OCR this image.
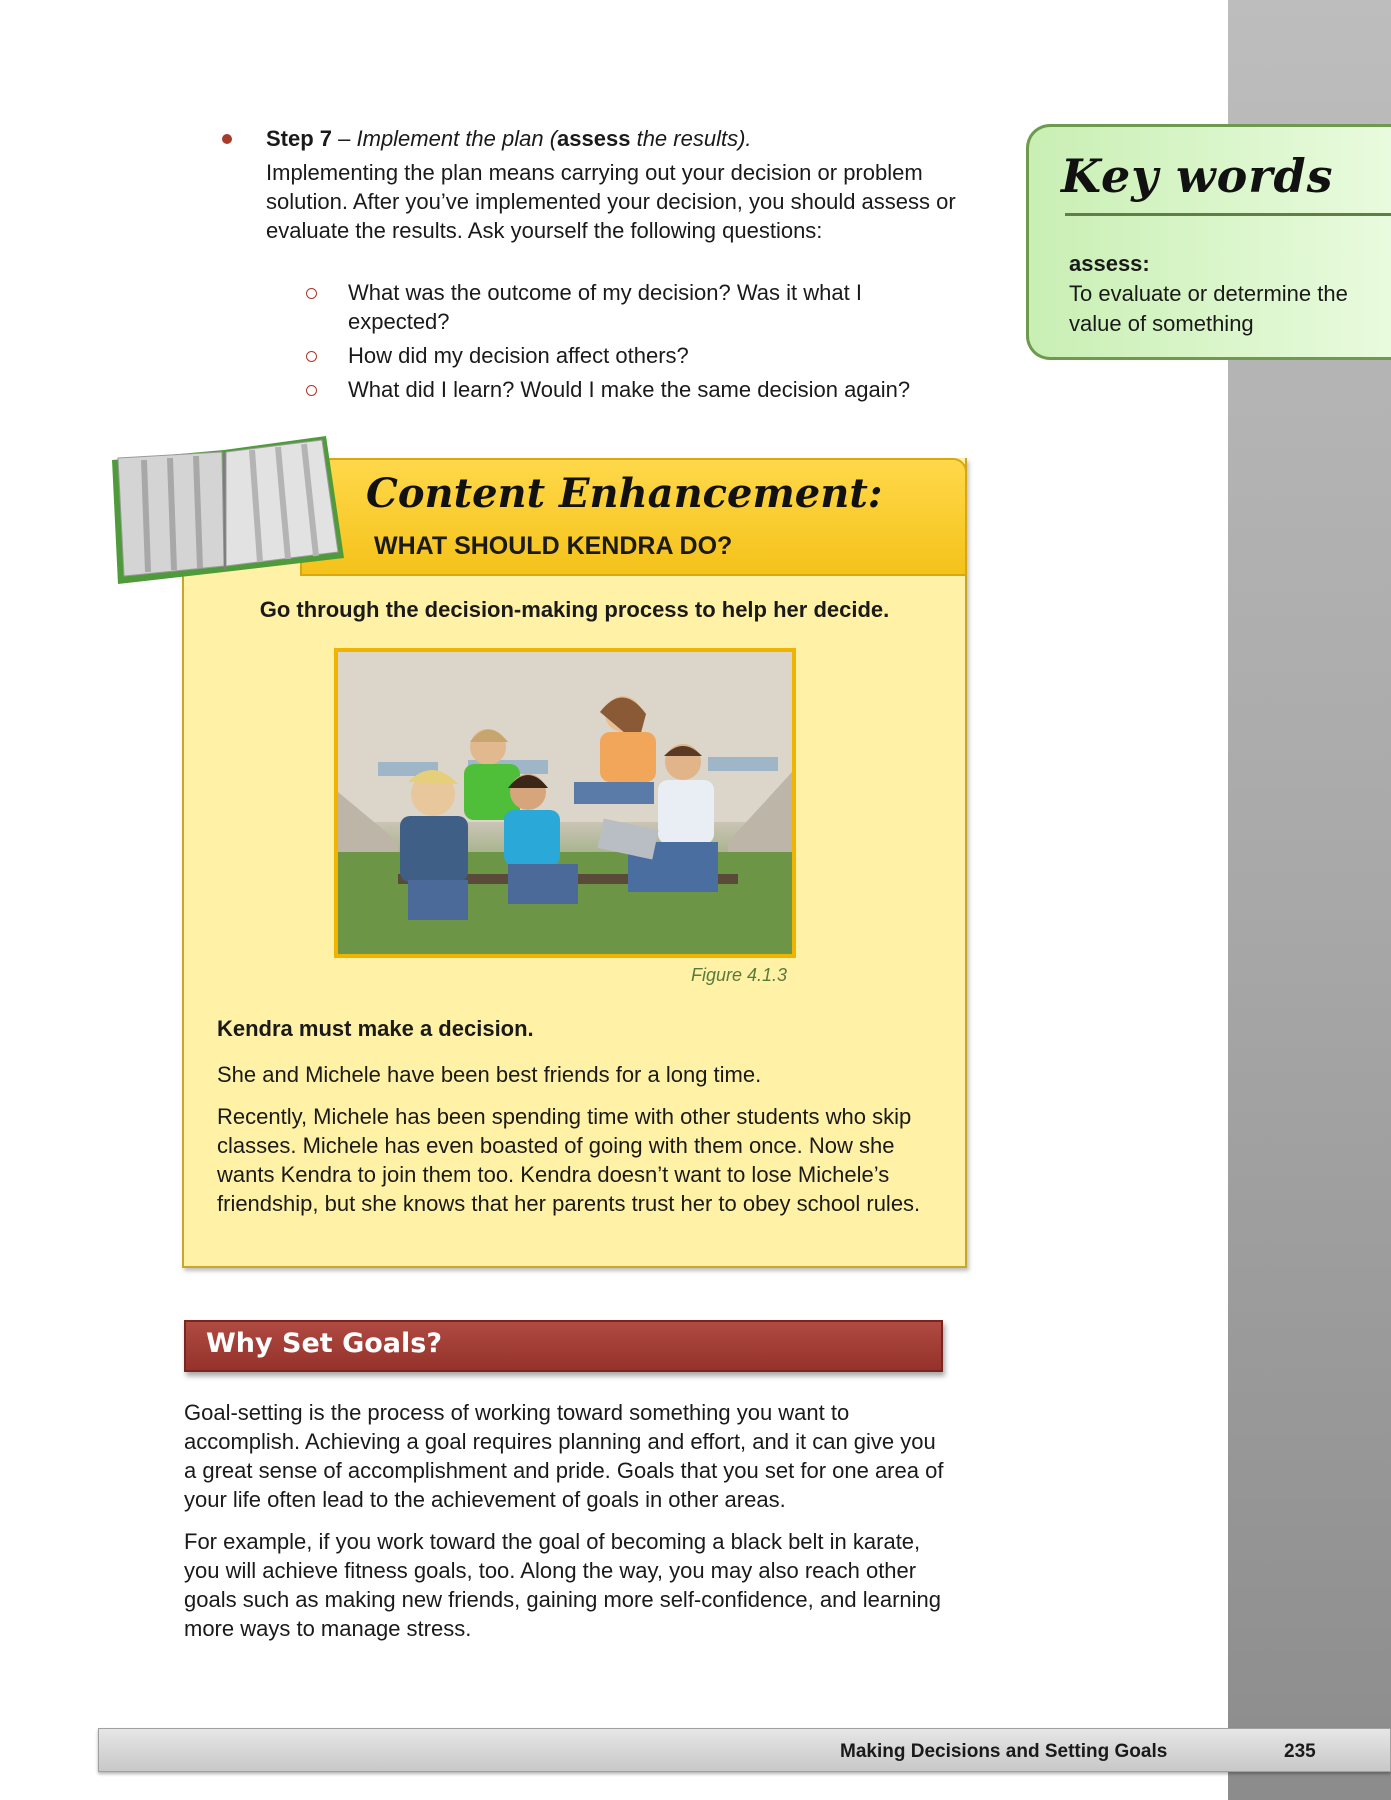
Step 7 – Implement the plan (assess the results).
Implementing the plan means carrying out your decision or problem solution. After you’ve implemented your decision, you should assess or evaluate the results. Ask yourself the following questions:
What was the outcome of my decision? Was it what I expected?
How did my decision affect others?
What did I learn? Would I make the same decision again?
Key words
assess:
To evaluate or determine the value of something
Content Enhancement:
WHAT SHOULD KENDRA DO?
Go through the decision-making process to help her decide.
Figure 4.1.3

Kendra must make a decision.

She and Michele have been best friends for a long time.

Recently, Michele has been spending time with other students who skip classes. Michele has even boasted of going with them once. Now she wants Kendra to join them too. Kendra doesn’t want to lose Michele’s friendship, but she knows that her parents trust her to obey school rules.

Why Set Goals?

Goal-setting is the process of working toward something you want to accomplish. Achieving a goal requires planning and effort, and it can give you a great sense of accomplishment and pride. Goals that you set for one area of your life often lead to the achievement of goals in other areas.

For example, if you work toward the goal of becoming a black belt in karate, you will achieve fitness goals, too. Along the way, you may also reach other goals such as making new friends, gaining more self-confidence, and learning more ways to manage stress.

Making Decisions and Setting Goals	235
